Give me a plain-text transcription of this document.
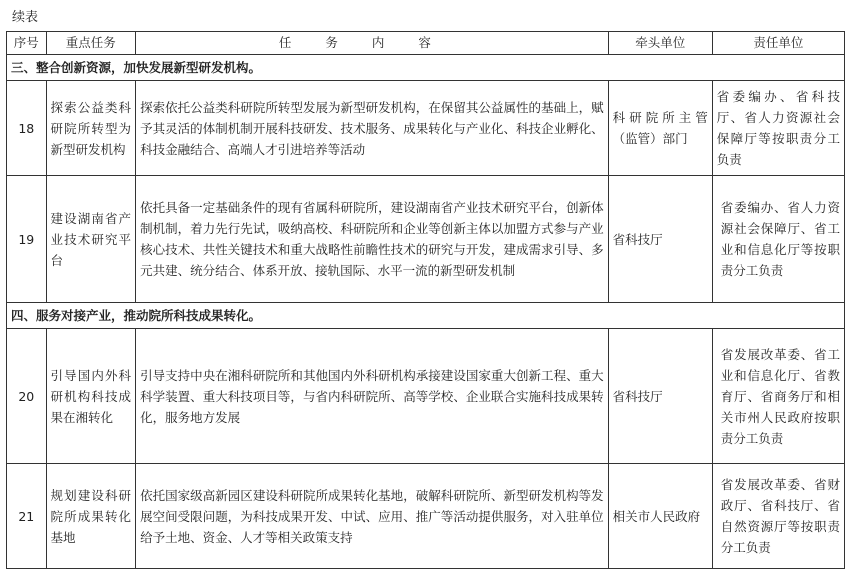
续表
序号	重点任务	任务内容	牵头单位	责任单位
三、整合创新资源，加快发展新型研发机构。				
18	探索公益类科研院所转型为新型研发机构	探索依托公益类科研院所转型发展为新型研发机构，在保留其公益属性的基础上，赋予其灵活的体制机制开展科技研发、技术服务、成果转化与产业化、科技企业孵化、科技金融结合、高端人才引进培养等活动	科研院所主管（监管）部门	省委编办、省科技厅、省人力资源社会保障厅等按职责分工负责
19	建设湖南省产业技术研究平台	依托具备一定基础条件的现有省属科研院所，建设湖南省产业技术研究平台，创新体制机制，着力先行先试，吸纳高校、科研院所和企业等创新主体以加盟方式参与产业核心技术、共性关键技术和重大战略性前瞻性技术的研究与开发，建成需求引导、多元共建、统分结合、体系开放、接轨国际、水平一流的新型研发机制	省科技厅	省委编办、省人力资源社会保障厅、省工业和信息化厅等按职责分工负责
四、服务对接产业，推动院所科技成果转化。				
20	引导国内外科研机构科技成果在湘转化	引导支持中央在湘科研院所和其他国内外科研机构承接建设国家重大创新工程、重大科学装置、重大科技项目等，与省内科研院所、高等学校、企业联合实施科技成果转化，服务地方发展	省科技厅	省发展改革委、省工业和信息化厅、省教育厅、省商务厅和相关市州人民政府按职责分工负责
21	规划建设科研院所成果转化基地	依托国家级高新园区建设科研院所成果转化基地，破解科研院所、新型研发机构等发展空间受限问题，为科技成果开发、中试、应用、推广等活动提供服务，对入驻单位给予土地、资金、人才等相关政策支持	相关市人民政府	省发展改革委、省财政厅、省科技厅、省自然资源厅等按职责分工负责
